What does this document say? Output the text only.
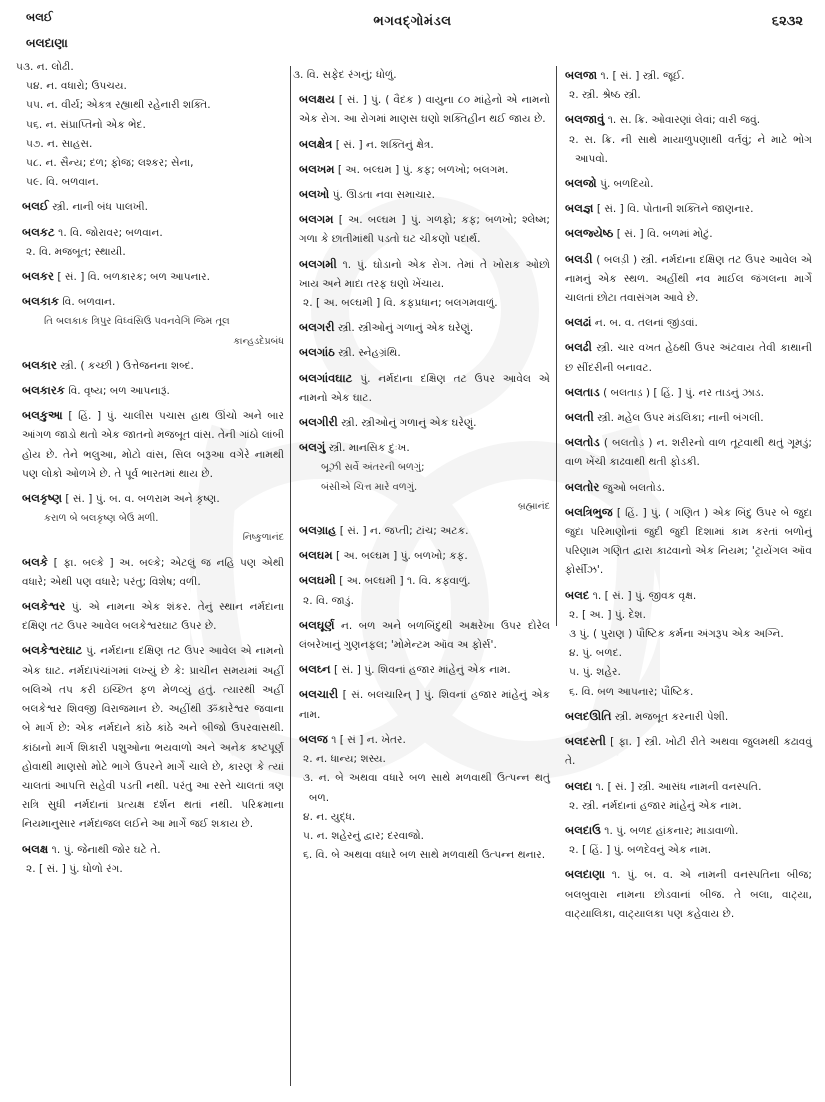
બલઈ
બલદાણા
ભગવદ્ગોમંડલ	૬૨૩૨
૫૩. ન. લોઢી.
૫૪. ન. વધારો; ઉપચય.
૫૫. ન. વીર્ય; એકત્ર રહ્યાથી રહેનારી શક્તિ.
૫૬. ન. સંપ્રાપ્તિનો એક ભેદ.
૫૭. ન. સાહસ.
૫૮. ન. સૈન્ય; દળ; ફોજ; લશ્કર; સેના,
૫૯. વિ. બળવાન.
બલઈ સ્ત્રી. નાની બંધ પાલખી.
બલકટ ૧. વિ. જોરાવર; બળવાન.
૨. વિ. મજબૂત; સ્થાયી.
બલકર [ સં. ] વિ. બળકારક; બળ આપનાર.
બલકાક વિ. બળવાન.
તિ બલકાક ત્રિપુર વિધ્વંસિઉ પવનવેગિ જિમ તૂલ
કાન્હડદેપ્રબંધ
બલકાર સ્ત્રી. ( કચ્છી ) ઉત્તેજનના શબ્દ.
બલકારક વિ. વૃષ્ય; બળ આપનારૂં.
બલકુઆ [ હિં. ] પું. ચાલીસ પચાસ હાથ ઊંચો અને બાર આંગળ જાડો થતો એક જાતનો મજબૂત વાંસ. તેની ગાંઠો લાંબી હોય છે. તેને ભલુઆ, મોટો વાંસ, સિલ બરૂઆ વગેરે નામથી પણ લોકો ઓળખે છે. તે પૂર્વ ભારતમાં થાય છે.
બલકૃષ્ણ [ સં. ] પું. બ. વ. બળરામ અને કૃષ્ણ.
કરાળ બે બલકૃષ્ણ બેઉ મળી.
નિષ્કુળાનંદ
બલકે [ ફા. બલ્કે ] અ. બલ્કે; એટલું જ નહિ પણ એથી વધારે; એથી પણ વધારે; પરંતુ; વિશેષ; વળી.
બલકેશ્વર પું. એ નામના એક શંકર. તેનું સ્થાન નર્મદાના દક્ષિણ તટ ઉપર આવેલ બલકેશ્વરઘાટ ઉપર છે.
બલકેશ્વરઘાટ પું. નર્મદાના દક્ષિણ તટ ઉપર આવેલ એ નામનો એક ઘાટ. નર્મદાપંચાંગમાં લખ્યું છે કે: પ્રાચીન સમયમાં અહીં બલિએ તપ કરી ઇચ્છિત ફળ મેળવ્યું હતું. ત્યારથી અહીં બલકેશ્વર શિવજી વિરાજમાન છે. અહીંથી ૐકારેશ્વર જવાના બે માર્ગ છે: એક નર્મદાને કાંઠે કાંઠે અને બીજો ઉપરવાસથી. કાંઠાનો માર્ગ શિકારી પશુઓના ભયવાળો અને અનેક કષ્ટપૂર્ણ હોવાથી માણસો મોટે ભાગે ઉપરને માર્ગે ચાલે છે, કારણ કે ત્યાં ચાલતાં આપત્તિ સહેવી પડતી નથી. પરંતુ આ રસ્તે ચાલતાં ત્રણ રાત્રિ સુધી નર્મદાનાં પ્રત્યક્ષ દર્શન થતાં નથી. પરિક્રમાના નિયમાનુસાર નર્મદાજલ લઈને આ માર્ગે જઈ શકાય છે.
બલક્ષ ૧. પું. જેનાથી જોર ઘટે તે.
૨. [ સં. ] પું. ધોળો રંગ.
૩. વિ. સફેદ રંગનું; ધોળું.
બલક્ષય [ સં. ] પું. ( વૈદક ) વાયુના ૮૦ માંહેનો એ નામનો એક રોગ. આ રોગમાં માણસ ઘણો શક્તિહીન થઈ જાય છે.
બલક્ષેત્ર [ સં. ] ન. શક્તિનું ક્ષેત્ર.
બલખમ [ અ. બલ્ઘમ ] પું. કફ; બળખો; બલગમ.
બલખો પું. ઊડતા નવા સમાચાર.
બલગમ [ અ. બલ્ઘમ ] પું. ગળફો; કફ; બળખો; શ્લેષ્મ; ગળા કે છાતીમાંથી પડતો ઘટ ચીકણો પદાર્થ.
બલગમી ૧. પું. ઘોડાનો એક રોગ. તેમાં તે ખોરાક ઓછો ખાય અને માદા તરફ ઘણો ખેંચાય.
૨. [ અ. બલ્ઘમી ] વિ. કફપ્રધાન; બલગમવાળું.
બલગરી સ્ત્રી. સ્ત્રીઓનું ગળાનું એક ઘરેણું.
બલગાંઠ સ્ત્રી. સ્નેહગ્રંથિ.
બલગાંવઘાટ પું. નર્મદાના દક્ષિણ તટ ઉપર આવેલ એ નામનો એક ઘાટ.
બલગીરી સ્ત્રી. સ્ત્રીઓનું ગળાનું એક ઘરેણું.
બલગું સ્ત્રી. માનસિક દુઃખ.
બૂઝી સર્વે અંતરની બળગું;
બંસીએ ચિત્ત મારે વળગું.
બ્રહ્માનંદ
બલગ્રાહ [ સં. ] ન. જપ્તી; ટાંચ; અટક.
બલઘમ [ અ. બલ્ઘમ ] પું. બળખો; કફ.
બલઘમી [ અ. બલ્ઘમી ] ૧. વિ. કફવાળું.
૨. વિ. જાડું.
બલઘૂર્ણ ન. બળ અને બળબિંદુથી અક્ષરેખા ઉપર દોરેલ લંબરેખાનું ગુણનફલ; 'મોમેન્ટમ ઑવ અ ફોર્સ'.
બલઘ્ન [ સં. ] પું. શિવનાં હજાર માંહેનું એક નામ.
બલચારી [ સં. બલચારિન્ ] પું. શિવનાં હજાર માંહેનું એક નામ.
બલજ ૧ [ સં ] ન. ખેતર.
૨. ન. ધાન્ય; શસ્ય.
૩. ન. બે અથવા વધારે બળ સાથે મળવાથી ઉત્પન્ન થતું બળ.
૪. ન. યુદ્ધ.
૫. ન. શહેરનું દ્વાર; દરવાજો.
૬. વિ. બે અથવા વધારે બળ સાથે મળવાથી ઉત્પન્ન થનાર.
બલજા ૧. [ સં. ] સ્ત્રી. જૂઈ.
૨. સ્ત્રી. શ્રેષ્ઠ સ્ત્રી.
બલજાવું ૧. સ. ક્રિ. ઓવારણાં લેવાં; વારી જવું.
૨. સ. ક્રિ. ની સાથે માયાળુપણાથી વર્તવું; ને માટે ભોગ આપવો.
બલજો પું. બળદિયો.
બલજ્ઞ [ સં. ] વિ. પોતાની શક્તિને જાણનાર.
બલજ્યેષ્ઠ [ સં. ] વિ. બળમાં મોટું.
બલડી ( બલડ઼ી ) સ્ત્રી. નર્મદાના દક્ષિણ તટ ઉપર આવેલ એ નામનું એક સ્થળ. અહીંથી નવ માઈલ જંગલના માર્ગે ચાલતાં છોટા તવાસંગમ આવે છે.
બલઢાં ન. બ. વ. તલનાં જીંડવાં.
બલઢી સ્ત્રી. ચાર વખત હેઠથી ઉપર અંટવાય તેવી કાથાની છ સીંદરીની બનાવટ.
બલતાડ ( બલતાડ઼ ) [ હિં. ] પું. નર તાડનું ઝાડ.
બલતી સ્ત્રી. મહેલ ઉપર મંડલિકા; નાની બંગલી.
બલતોડ ( બલતોડ઼ ) ન. શરીરનો વાળ તૂટવાથી થતું ગૂમડું; વાળ ખેંચી કાઢવાથી થતી ફોડકી.
બલતોર જુઓ બલતોડ.
બલત્રિભુજ [ હિં. ] પું. ( ગણિત ) એક બિંદુ ઉપર બે જુદા જુદા પરિમાણોનાં જુદી જુદી દિશામાં કામ કરતાં બળોનું પરિણામ ગણિત દ્વારા કાઢવાનો એક નિયમ; 'ટ્રાયેંગલ ઑવ ફોર્સીઝ'.
બલદ ૧. [ સં. ] પું. જીવક વૃક્ષ.
૨. [ અ. ] પું. દેશ.
૩ પું. ( પુરાણ ) પૌષ્ટિક કર્મના અંગરૂપ એક અગ્નિ.
૪. પું. બળદ.
૫. પું. શહેર.
૬. વિ. બળ આપનાર; પૌષ્ટિક.
બલદઊતિ સ્ત્રી. મજબૂત કરનારી પેશી.
બલદસ્તી [ ફા. ] સ્ત્રી. ખોટી રીતે અથવા જુલમથી કઢાવવું તે.
બલદા ૧. [ સં. ] સ્ત્રી. આસંધ નામની વનસ્પતિ.
૨. સ્ત્રી. નર્મદાનાં હજાર માંહેનું એક નામ.
બલદાઉ ૧. પું. બળદ હાંકનાર; માડાવાળો.
૨. [ હિં. ] પું. બળદેવનું એક નામ.
બલદાણા ૧. પું. બ. વ. એ નામની વનસ્પતિના બીજ; બલબુવારા નામના છોડવાનાં બીજ. તે બલા, વાટ્યા, વાટ્યાલિકા, વાટ્યાલકા પણ કહેવાય છે.
